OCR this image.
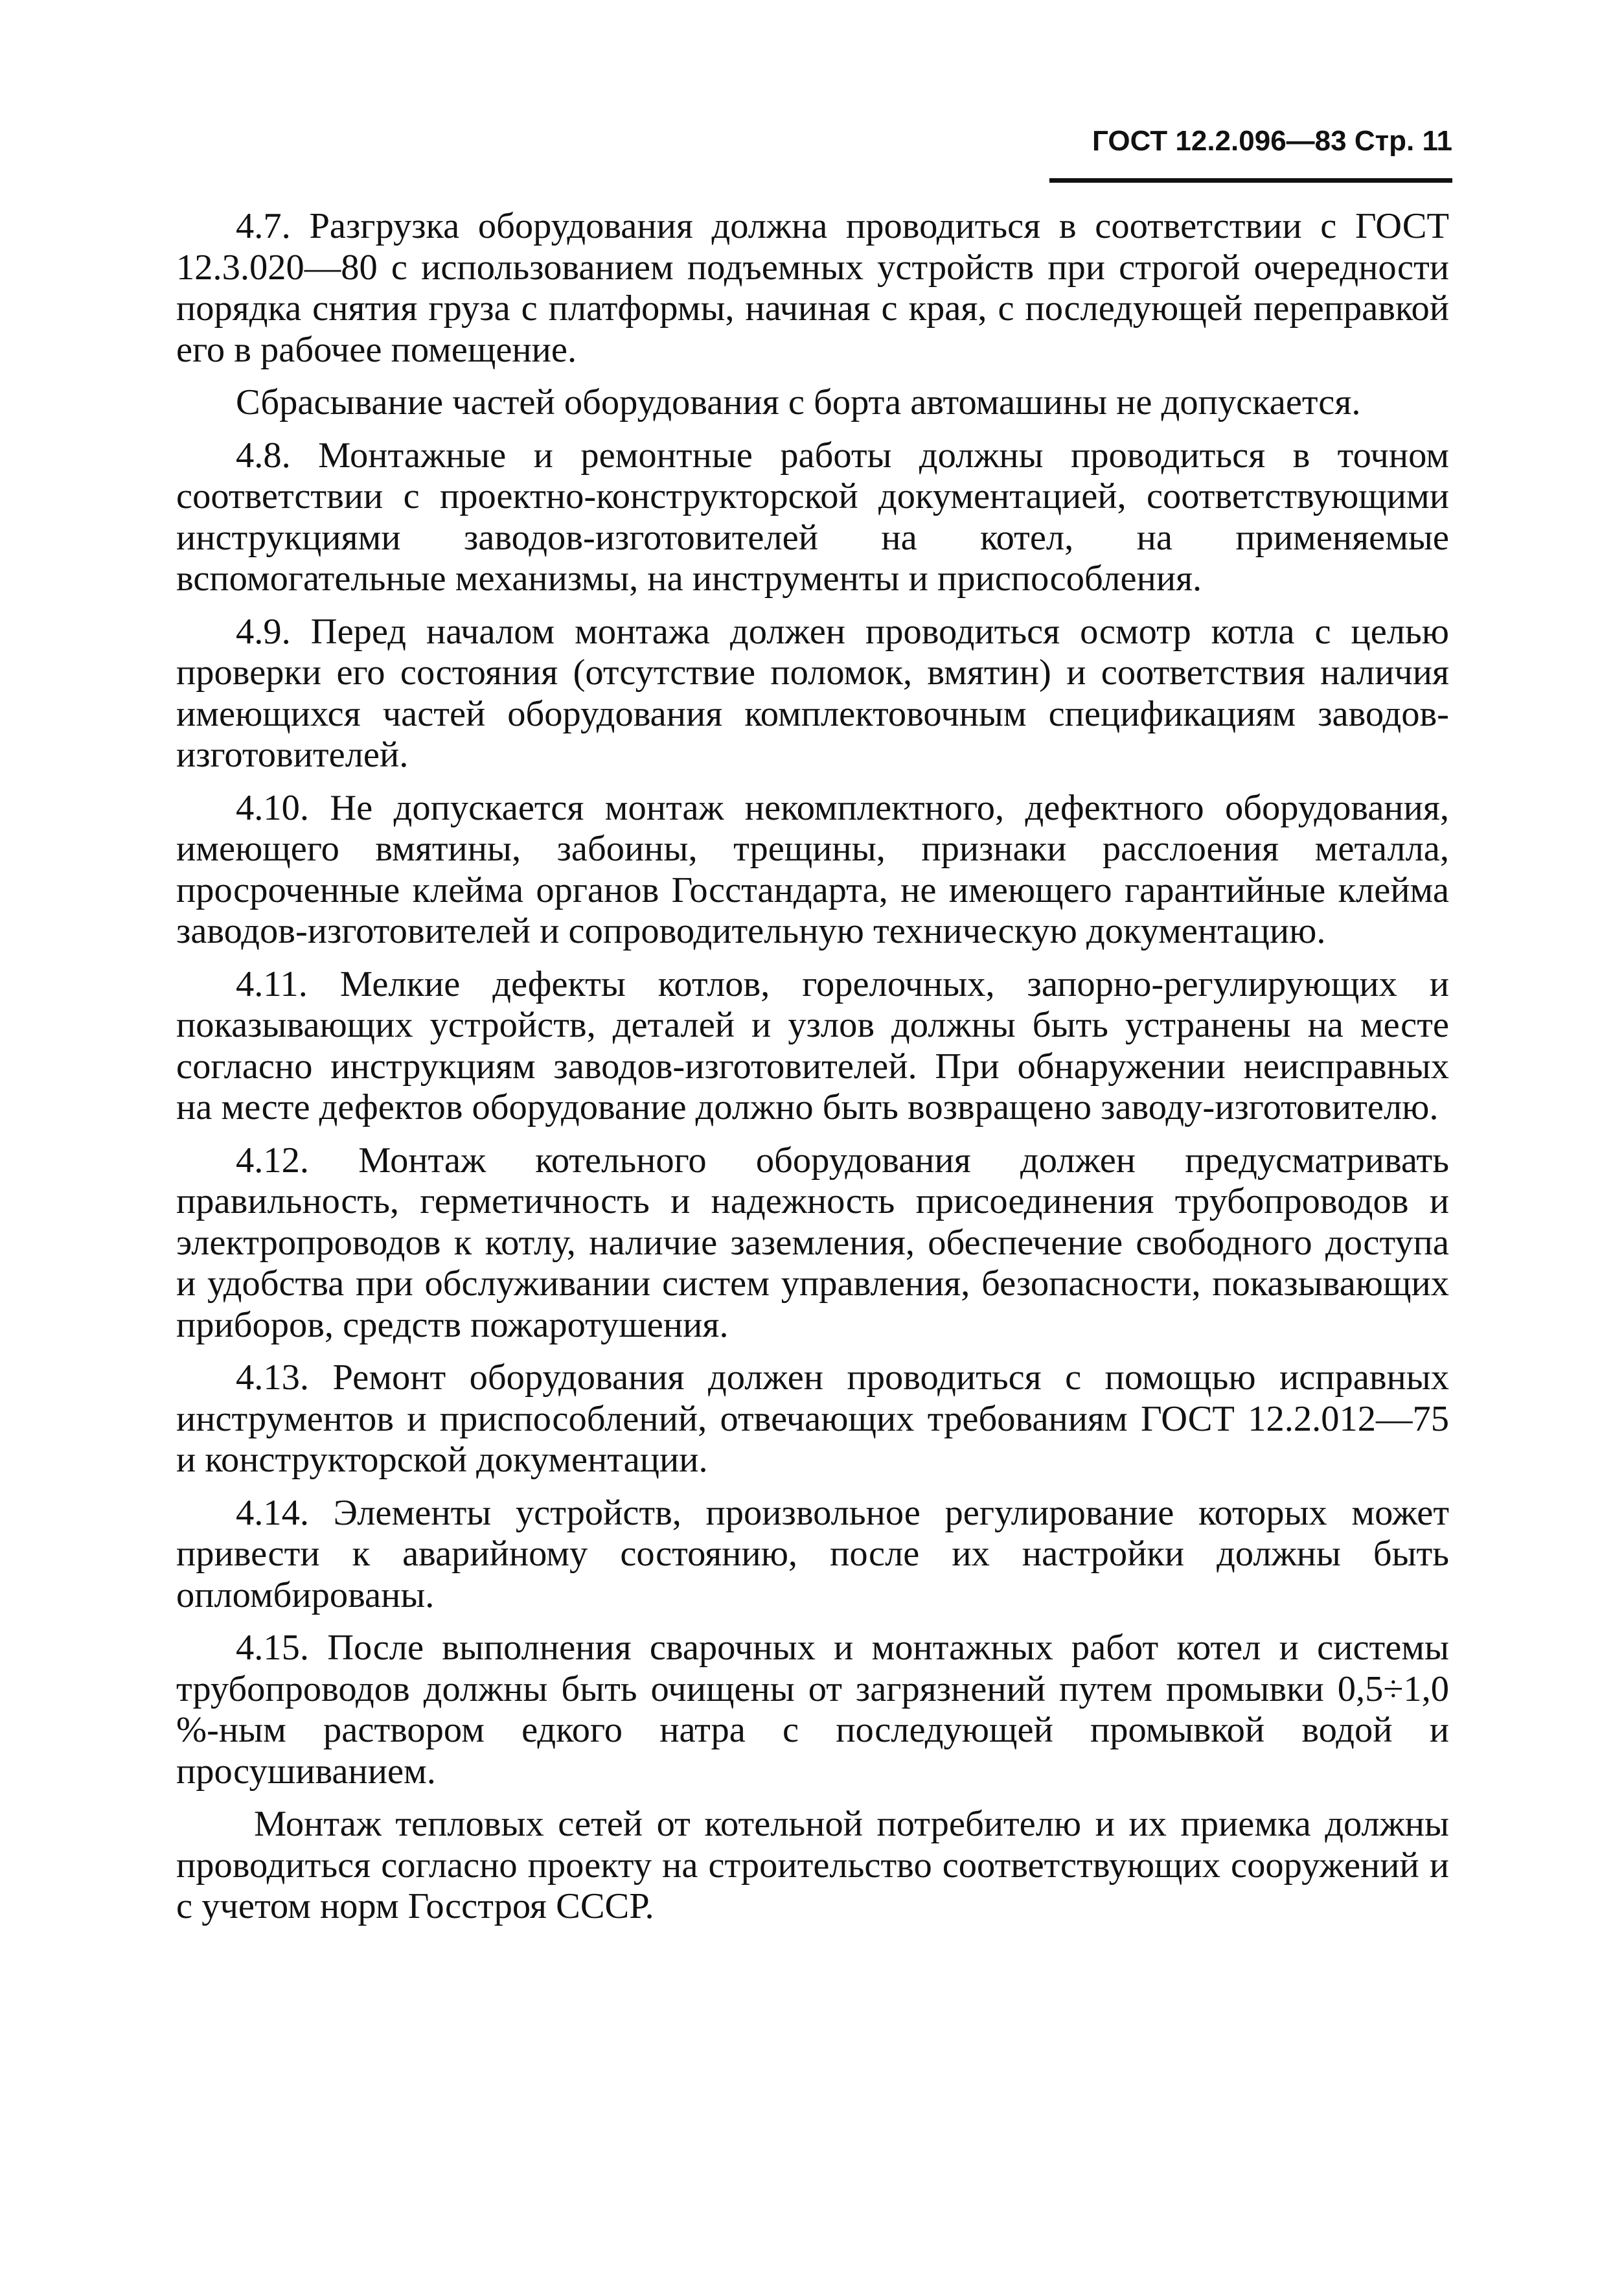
ГОСТ 12.2.096—83 Стр. 11

4.7. Разгрузка оборудования должна проводиться в соответствии с ГОСТ 12.3.020—80 с использованием подъемных устройств при строгой очередности порядка снятия груза с платформы, начиная с края, с последующей переправкой его в рабочее помещение.

Сбрасывание частей оборудования с борта автомашины не допускается.

4.8. Монтажные и ремонтные работы должны проводиться в точном соответствии с проектно-конструкторской документацией, соответствующими инструкциями заводов-изготовителей на котел, на применяемые вспомогательные механизмы, на инструменты и приспособления.

4.9. Перед началом монтажа должен проводиться осмотр котла с целью проверки его состояния (отсутствие поломок, вмятин) и соответствия наличия имеющихся частей оборудования комплектовочным спецификациям заводов-изготовителей.

4.10. Не допускается монтаж некомплектного, дефектного оборудования, имеющего вмятины, забоины, трещины, признаки расслоения металла, просроченные клейма органов Госстандарта, не имеющего гарантийные клейма заводов-изготовителей и сопроводительную техническую документацию.

4.11. Мелкие дефекты котлов, горелочных, запорно-регулирующих и показывающих устройств, деталей и узлов должны быть устранены на месте согласно инструкциям заводов-изготовителей. При обнаружении неисправных на месте дефектов оборудование должно быть возвращено заводу-изготовителю.

4.12. Монтаж котельного оборудования должен предусматривать правильность, герметичность и надежность присоединения трубопроводов и электропроводов к котлу, наличие заземления, обеспечение свободного доступа и удобства при обслуживании систем управления, безопасности, показывающих приборов, средств пожаротушения.

4.13. Ремонт оборудования должен проводиться с помощью исправных инструментов и приспособлений, отвечающих требованиям ГОСТ 12.2.012—75 и конструкторской документации.

4.14. Элементы устройств, произвольное регулирование которых может привести к аварийному состоянию, после их настройки должны быть опломбированы.

4.15. После выполнения сварочных и монтажных работ котел и системы трубопроводов должны быть очищены от загрязнений путем промывки 0,5÷1,0 %-ным раствором едкого натра с последующей промывкой водой и просушиванием.

Монтаж тепловых сетей от котельной потребителю и их приемка должны проводиться согласно проекту на строительство соответствующих сооружений и с учетом норм Госстроя СССР.
